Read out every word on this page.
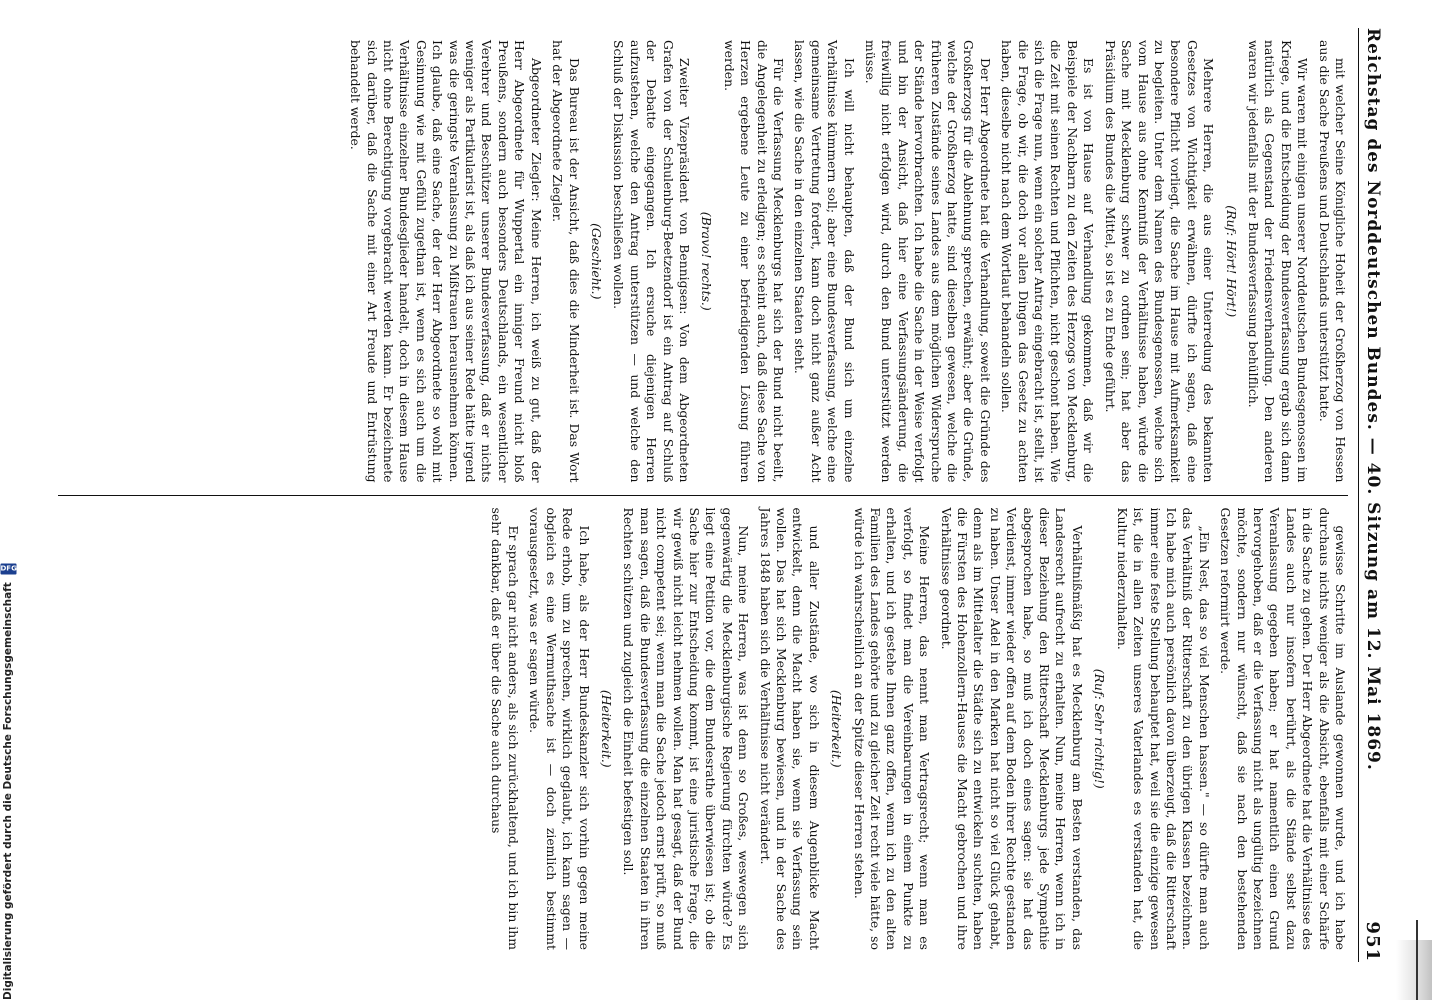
Reichstag des Norddeutschen Bundes. — 40. Sitzung am 12. Mai 1869.
951

mit welcher Seine Königliche Hoheit der Großherzog von Hessen aus die Sache Preußens und Deutschlands unterstützt hatte.

Wir waren mit einigen unserer Norddeutschen Bundesgenossen im Kriege, und die Entscheidung der Bundesverfassung ergab sich dann natürlich als Gegenstand der Friedensverhandlung. Den anderen waren wir jedenfalls mit der Bundesverfassung behülflich.

(Ruf: Hört! Hört!)

Mehrere Herren, die aus einer Unterredung des bekannten Gesetzes von Wichtigkeit erwähnen, dürfte ich sagen, daß eine besondere Pflicht vorliegt, die Sache im Hause mit Aufmerksamkeit zu begleiten. Unter dem Namen des Bundesgenossen, welche sich vom Hause aus ohne Kenntniß der Verhältnisse haben, würde die Sache mit Mecklenburg schwer zu ordnen sein; hat aber das Präsidium des Bundes die Mittel, so ist es zu Ende geführt.

Es ist von Hause auf Verhandlung gekommen, daß wir die Beispiele der Nachbarn zu den Zeiten des Herzogs von Mecklenburg, die Zeit mit seinen Rechten und Pflichten, nicht geschont haben. Wie sich die Frage nun, wenn ein solcher Antrag eingebracht ist, stellt, ist die Frage, ob wir, die doch vor allen Dingen das Gesetz zu achten haben, dieselbe nicht nach dem Wortlaut behandeln sollen.

Der Herr Abgeordnete hat die Verhandlung, soweit die Gründe des Großherzogs für die Ablehnung sprechen, erwähnt; aber die Gründe, welche der Großherzog hatte, sind dieselben gewesen, welche die früheren Zustände seines Landes aus dem möglichen Widerspruche der Stände hervorbrachten. Ich habe die Sache in der Weise verfolgt und bin der Ansicht, daß hier eine Verfassungsänderung, die freiwillig nicht erfolgen wird, durch den Bund unterstützt werden müsse.

Ich will nicht behaupten, daß der Bund sich um einzelne Verhältnisse kümmern soll; aber eine Bundesverfassung, welche eine gemeinsame Vertretung fordert, kann doch nicht ganz außer Acht lassen, wie die Sache in den einzelnen Staaten steht.

Für die Verfassung Mecklenburgs hat sich der Bund nicht beeilt, die Angelegenheit zu erledigen; es scheint auch, daß diese Sache von Herzen ergebene Leute zu einer befriedigenden Lösung führen werden.

(Bravo! rechts.)

Zweiter Vizepräsident von Bennigsen: Von dem Abgeordneten Grafen von der Schulenburg-Beetzendorf ist ein Antrag auf Schluß der Debatte eingegangen. Ich ersuche diejenigen Herren aufzustehen, welche den Antrag unterstützen — und welche den Schluß der Diskussion beschließen wollen.

(Geschieht.)

Das Bureau ist der Ansicht, daß dies die Minderheit ist. Das Wort hat der Abgeordnete Ziegler.

Abgeordneter Ziegler: Meine Herren, ich weiß zu gut, daß der Herr Abgeordnete für Wuppertal ein inniger Freund nicht bloß Preußens, sondern auch besonders Deutschlands, ein wesentlicher Verehrer und Beschützer unserer Bundesverfassung, daß er nichts weniger als Partikularist ist, als daß ich aus seiner Rede hätte irgend was die geringste Veranlassung zu Mißtrauen herausnehmen können. Ich glaube, daß eine Sache, der der Herr Abgeordnete so wohl mit Gesinnung wie mit Gefühl zugethan ist, wenn es sich auch um die Verhältnisse einzelner Bundesglieder handelt, doch in diesem Hause nicht ohne Berechtigung vorgebracht werden kann. Er bezeichnete sich darüber, daß die Sache mit einer Art Freude und Entrüstung behandelt werde.

gewisse Schritte im Auslande gewonnen wurde, und ich habe durchaus nichts weniger als die Absicht, ebenfalls mit einer Schärfe in die Sache zu gehen. Der Herr Abgeordnete hat die Verhältnisse des Landes auch nur insofern berührt, als die Stände selbst dazu Veranlassung gegeben haben; er hat namentlich einen Grund hervorgehoben, daß er die Verfassung nicht als ungültig bezeichnen möchte, sondern nur wünscht, daß sie nach den bestehenden Gesetzen reformirt werde.

„Ein Nest, das so viel Menschen hassen." — so dürfte man auch das Verhältniß der Ritterschaft zu den übrigen Klassen bezeichnen. Ich habe mich auch persönlich davon überzeugt, daß die Ritterschaft immer eine feste Stellung behauptet hat, weil sie die einzige gewesen ist, die in allen Zeiten unseres Vaterlandes es verstanden hat, die Kultur niederzuhalten.

(Ruf: Sehr richtig!)

Verhältnißmäßig hat es Mecklenburg am Besten verstanden, das Landesrecht aufrecht zu erhalten. Nun, meine Herren, wenn ich in dieser Beziehung den Ritterschaft Mecklenburgs jede Sympathie abgesprochen habe, so muß ich doch eines sagen: sie hat das Verdienst, immer wieder offen auf dem Boden ihrer Rechte gestanden zu haben. Unser Adel in den Marken hat nicht so viel Glück gehabt, denn als im Mittelalter die Städte sich zu entwickeln suchten, haben die Fürsten des Hohenzollern-Hauses die Macht gebrochen und ihre Verhältnisse geordnet.

Meine Herren, das nennt man Vertragsrecht; wenn man es verfolgt, so findet man die Vereinbarungen in einem Punkte zu erhalten, und ich gestehe Ihnen ganz offen, wenn ich zu den alten Familien des Landes gehörte und zu gleicher Zeit recht viele hätte, so würde ich wahrscheinlich an der Spitze dieser Herren stehen.

(Heiterkeit.)

und aller Zustände, wo sich in diesem Augenblicke Macht entwickelt, denn die Macht haben sie, wenn sie Verfassung sein wollen. Das hat sich Mecklenburg bewiesen, und in der Sache des Jahres 1848 haben sich die Verhältnisse nicht verändert.

Nun, meine Herren, was ist denn so Großes, weswegen sich gegenwärtig die Mecklenburgische Regierung fürchten würde? Es liegt eine Petition vor, die dem Bundesrathe überwiesen ist; ob die Sache hier zur Entscheidung kommt, ist eine juristische Frage, die wir gewiß nicht leicht nehmen wollen. Man hat gesagt, daß der Bund nicht competent sei; wenn man die Sache jedoch ernst prüft, so muß man sagen, daß die Bundesverfassung die einzelnen Staaten in ihren Rechten schützen und zugleich die Einheit befestigen soll.

(Heiterkeit.)

Ich habe, als der Herr Bundeskanzler sich vorhin gegen meine Rede erhob, um zu sprechen, wirklich geglaubt, ich kann sagen — obgleich es eine Wermuthsache ist — doch ziemlich bestimmt vorausgesetzt, was er sagen würde.

Er sprach gar nicht anders, als sich zurückhaltend, und ich bin ihm sehr dankbar, daß er über die Sache auch durchaus

Digitalisierung gefördert durch die Deutsche Forschungsgemeinschaft
DFG
